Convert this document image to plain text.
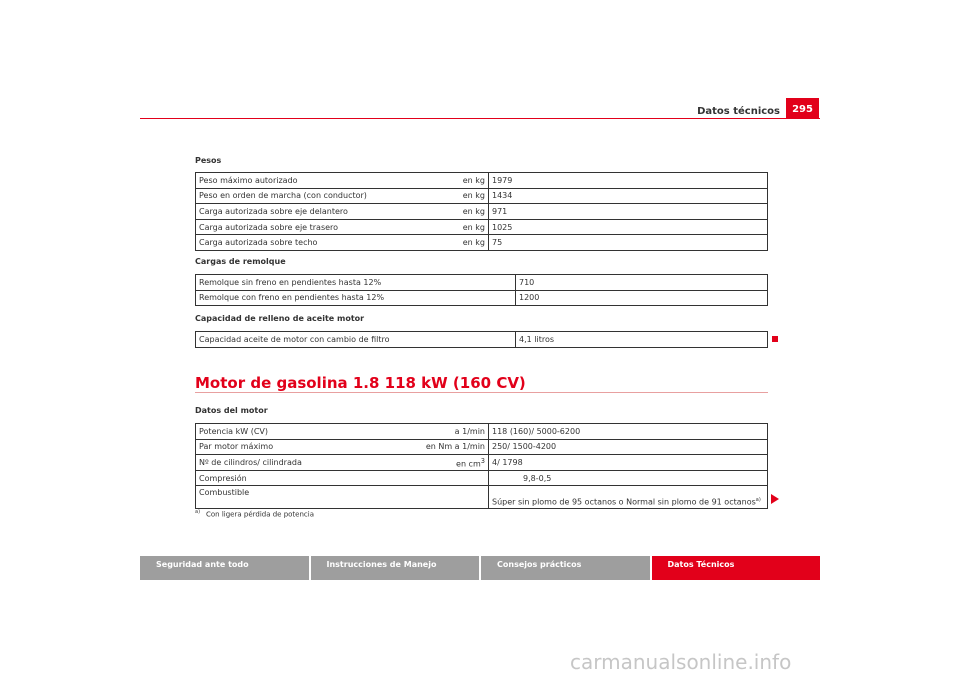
Datos técnicos	295
Pesos
Peso máximo autorizado	en kg	1979
Peso en orden de marcha (con conductor)	en kg	1434
Carga autorizada sobre eje delantero	en kg	971
Carga autorizada sobre eje trasero	en kg	1025
Carga autorizada sobre techo	en kg	75
Cargas de remolque
Remolque sin freno en pendientes hasta 12%	710
Remolque con freno en pendientes hasta 12%	1200
Capacidad de relleno de aceite motor
Capacidad aceite de motor con cambio de filtro	4,1 litros
Motor de gasolina 1.8 118 kW (160 CV)
Datos del motor
Potencia kW (CV)	a 1/min	118 (160)/ 5000-6200
Par motor máximo	en Nm a 1/min	250/ 1500-4200
Nº de cilindros/ cilindrada	en $cm^3$	4/ 1798
Compresión		9,8-0,5
Combustible		Súper sin plomo de 95 octanos o Normal sin plomo de 91 octanos$^{a)}$
$^{a)}$ Con ligera pérdida de potencia
Seguridad ante todo	Instrucciones de Manejo	Consejos prácticos	Datos Técnicos
carmanualsonline.info
